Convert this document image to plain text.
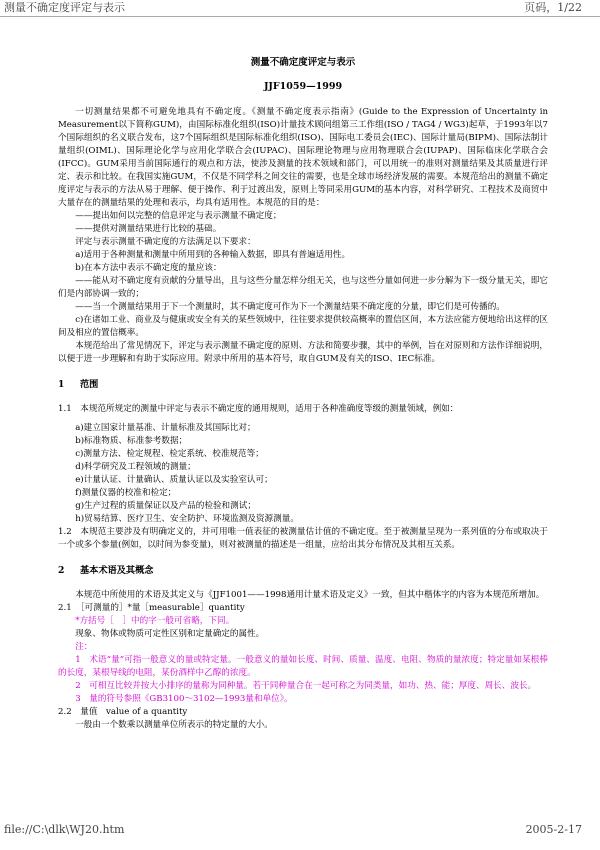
测量不确定度评定与表示	页码，1/22

测量不确定度评定与表示

JJF1059—1999

一切测量结果都不可避免地具有不确定度。《测量不确定度表示指南》(Guide to the Expression of Uncertainty in Measurement以下简称GUM)，由国际标准化组织(ISO)计量技术顾问组第三工作组(ISO / TAG4 / WG3)起草，于1993年以7个国际组织的名义联合发布，这7个国际组织是国际标准化组织(ISO)、国际电工委员会(IEC)、国际计量局(BIPM)、国际法制计量组织(OIML)、国际理论化学与应用化学联合会(IUPAC)、国际理论物理与应用物理联合会(IUPAP)、国际临床化学联合会(IFCC)。GUM采用当前国际通行的观点和方法，使涉及测量的技术领域和部门，可以用统一的准则对测量结果及其质量进行评定、表示和比较。在我国实施GUM，不仅是不同学科之间交往的需要，也是全球市场经济发展的需要。本规范给出的测量不确定度评定与表示的方法从易于理解、便于操作、利于过渡出发，原则上等同采用GUM的基本内容，对科学研究、工程技术及商贸中大量存在的测量结果的处理和表示，均具有适用性。本规范的目的是：

——提出如何以完整的信息评定与表示测量不确定度；

——提供对测量结果进行比较的基础。

评定与表示测量不确定度的方法满足以下要求：

a)适用于各种测量和测量中所用到的各种输入数据，即具有普遍适用性。

b)在本方法中表示不确定度的量应该：

——能从对不确定度有贡献的分量导出，且与这些分量怎样分组无关，也与这些分量如何进一步分解为下一级分量无关，即它们是内部协调一致的；

——当一个测量结果用于下一个测量时，其不确定度可作为下一个测量结果不确定度的分量，即它们是可传播的。

c)在诸如工业、商业及与健康或安全有关的某些领域中，往往要求提供较高概率的置信区间，本方法应能方便地给出这样的区间及相应的置信概率。

本规范给出了常见情况下，评定与表示测量不确定度的原则、方法和简要步骤，其中的举例，旨在对原则和方法作详细说明，以便于进一步理解和有助于实际应用。附录中所用的基本符号，取自GUM及有关的ISO、IEC标准。

1 范围

1.1　本规范所规定的测量中评定与表示不确定度的通用规则，适用于各种准确度等级的测量领域，例如：

a)建立国家计量基准、计量标准及其国际比对；

b)标准物质、标准参考数据；

c)测量方法、检定规程、检定系统、校准规范等；

d)科学研究及工程领域的测量；

e)计量认证、计量确认、质量认证以及实验室认可；

f)测量仪器的校准和检定；

g)生产过程的质量保证以及产品的检验和测试；

h)贸易结算、医疗卫生、安全防护、环境监测及资源测量。

1.2　本规范主要涉及有明确定义的，并可用唯一值表征的被测量估计值的不确定度。至于被测量呈现为一系列值的分布或取决于一个或多个参量(例如，以时间为参变量)，则对被测量的描述是一组量，应给出其分布情况及其相互关系。

2 基本术语及其概念

本规范中所使用的术语及其定义与《JJF1001——1998通用计量术语及定义》一致，但其中楷体字的内容为本规范所增加。

2.1　［可测量的］*量［measurable］quantity

*方括号［　］中的字一般可省略，下同。

现象、物体或物质可定性区别和定量确定的属性。

注：

1　术语“量”可指一般意义的量或特定量。一般意义的量如长度、时间、质量、温度、电阻、物质的量浓度；特定量如某根棒的长度，某根导线的电阻，某份酒样中乙醇的浓度。

2　可相互比较并按大小排序的量称为同种量。若干同种量合在一起可称之为同类量，如功、热、能；厚度、周长、波长。

3　量的符号参照《GB3100～3102—1993量和单位》。

2.2　量值　value of a quantity

一般由一个数乘以测量单位所表示的特定量的大小。

file://C:\dlk\WJ20.htm	2005-2-17
